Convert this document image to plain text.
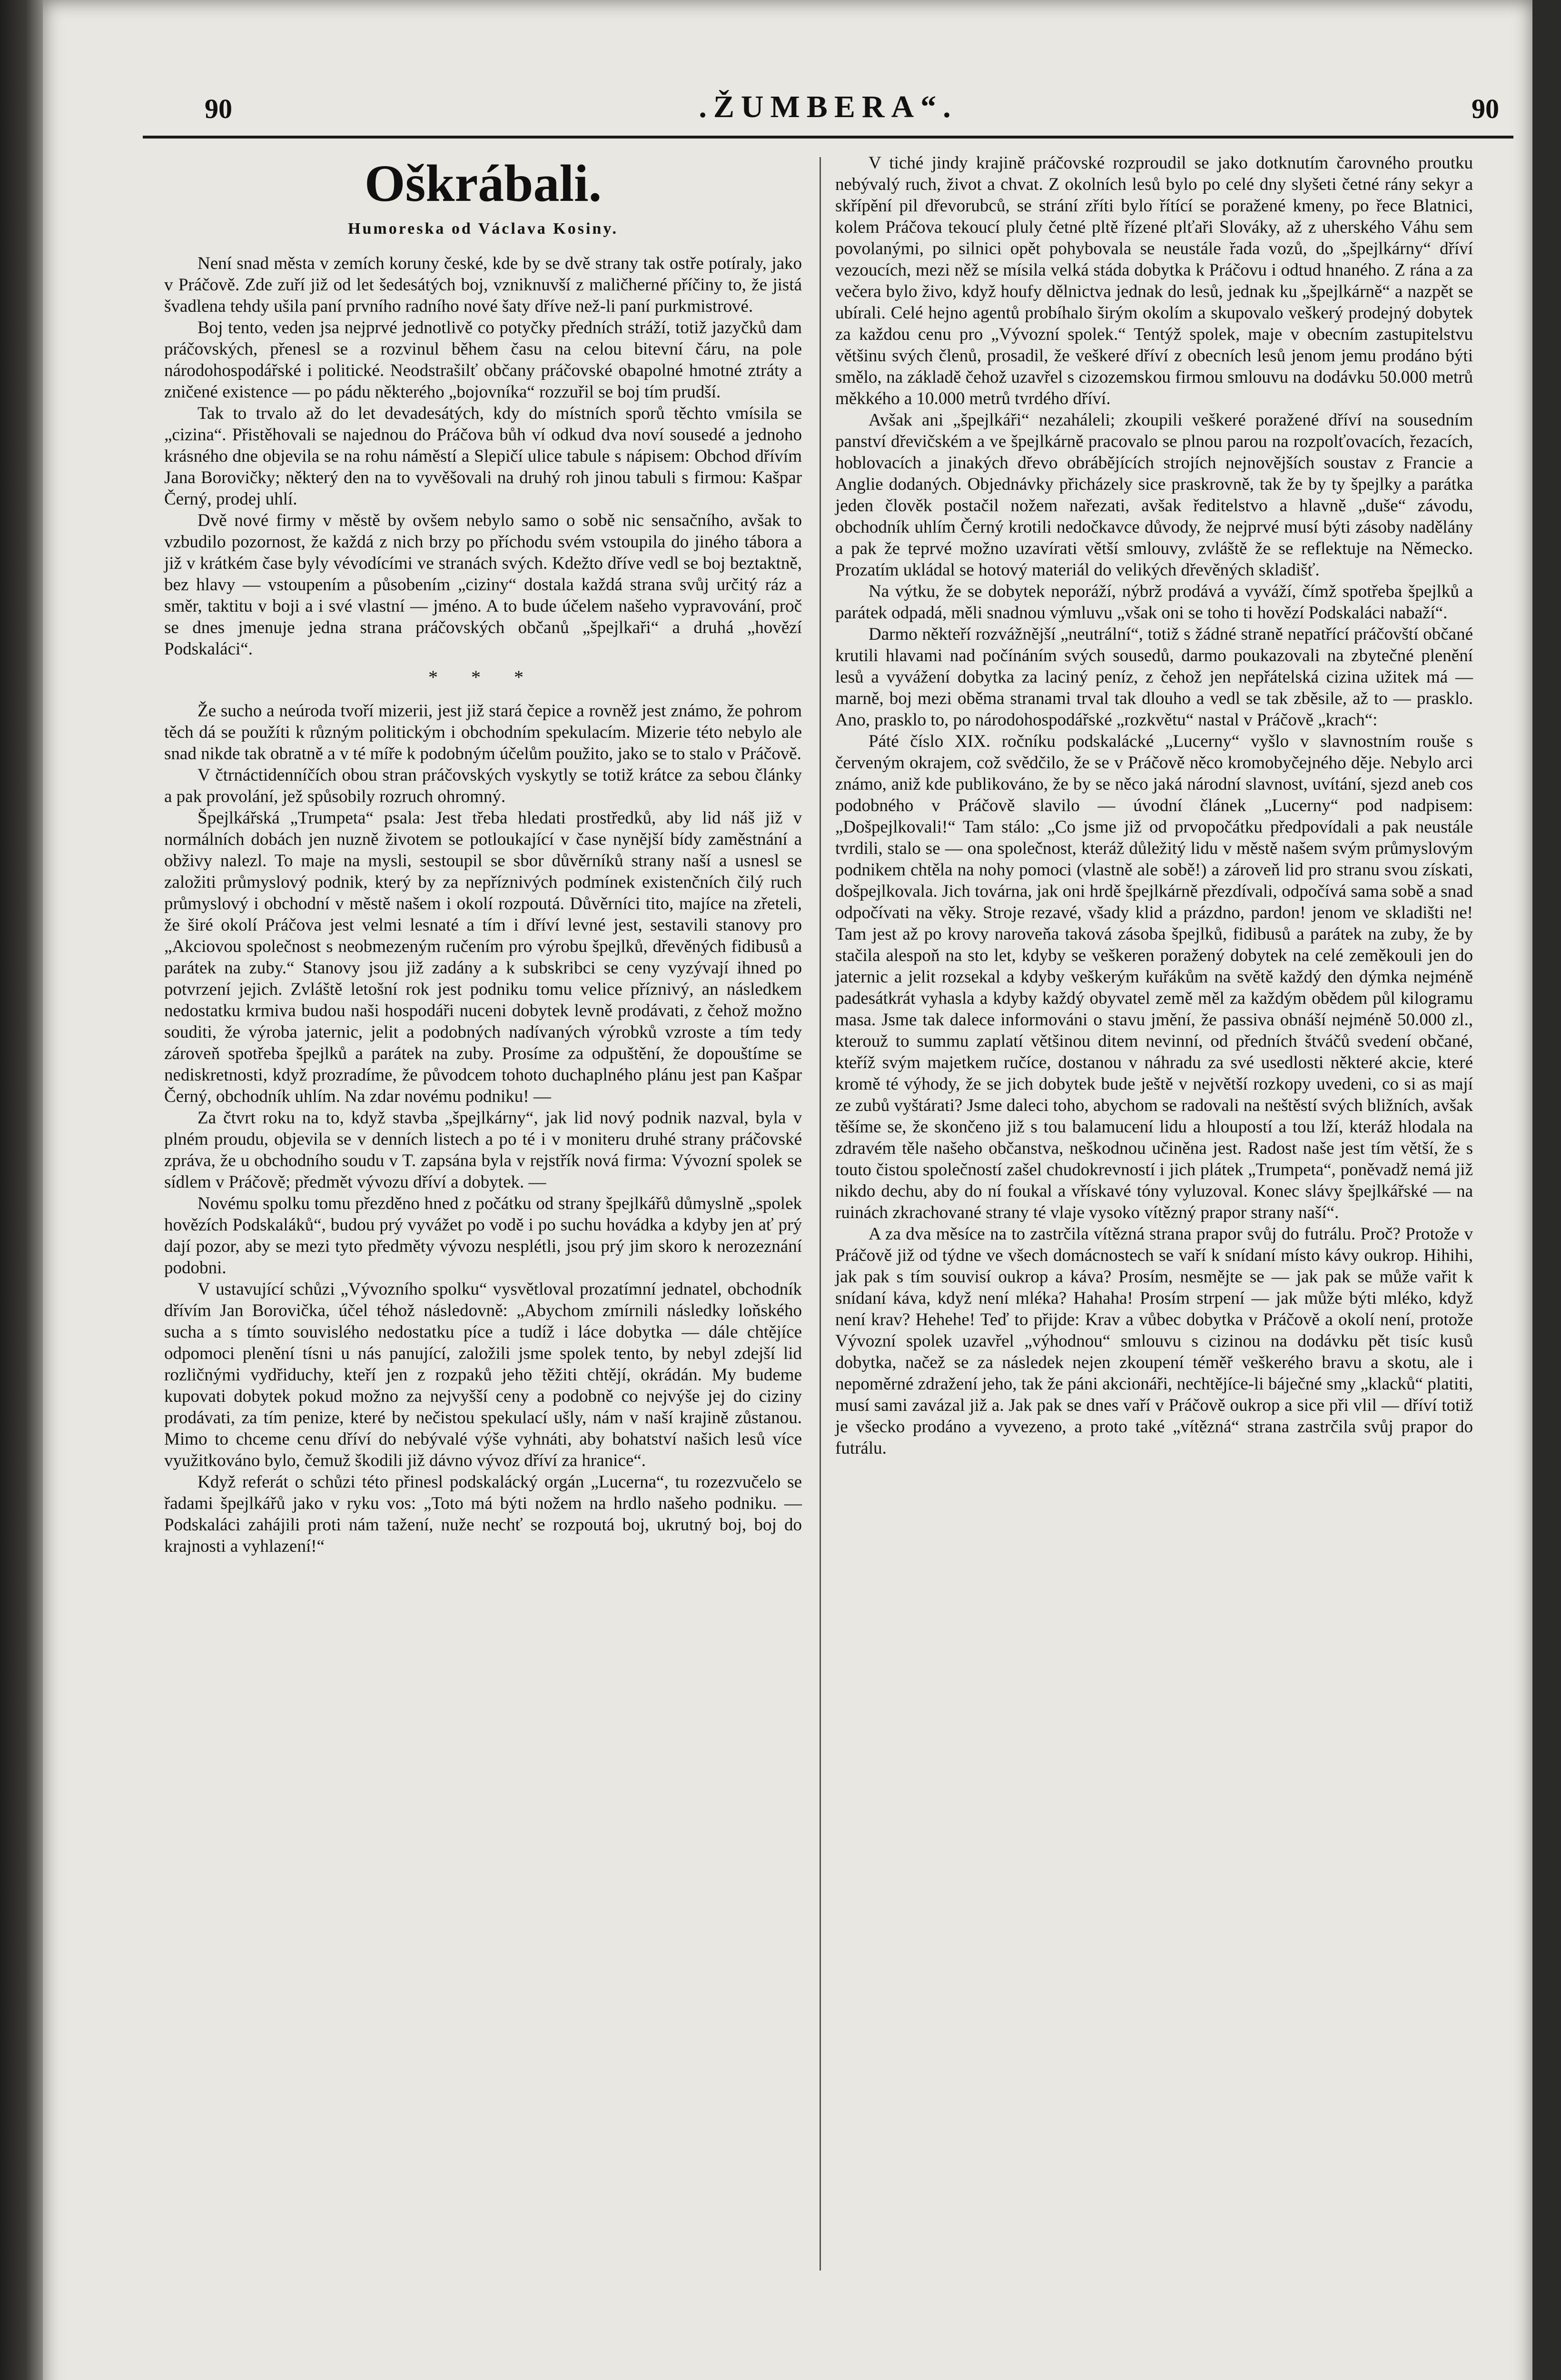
90	.ŽUMBERA“.	90
Oškrábali.
Humoreska od Václava Kosiny.

Není snad města v zemích koruny české, kde by se dvě strany tak ostře potíraly, jako v Práčově. Zde zuří již od let šedesátých boj, vzniknuvší z maličherné příčiny to, že jistá švadlena tehdy ušila paní prvního radního nové šaty dříve než-li paní purkmistrové.

Boj tento, veden jsa nejprvé jednotlivě co potyčky předních stráží, totiž jazyčků dam práčovských, přenesl se a rozvinul během času na celou bitevní čáru, na pole národohospodářské i politické. Neodstrašilť občany práčovské obapolné hmotné ztráty a zničené existence — po pádu některého „bojovníka“ rozzuřil se boj tím prudší.

Tak to trvalo až do let devadesátých, kdy do místních sporů těchto vmísila se „cizina“. Přistěhovali se najednou do Práčova bůh ví odkud dva noví sousedé a jednoho krásného dne objevila se na rohu náměstí a Slepičí ulice tabule s nápisem: Obchod dřívím Jana Borovičky; některý den na to vyvěšovali na druhý roh jinou tabuli s firmou: Kašpar Černý, prodej uhlí.

Dvě nové firmy v městě by ovšem nebylo samo o sobě nic sensačního, avšak to vzbudilo pozornost, že každá z nich brzy po příchodu svém vstoupila do jiného tábora a již v krátkém čase byly vévodícími ve stranách svých. Kdežto dříve vedl se boj beztaktně, bez hlavy — vstoupením a působením „ciziny“ dostala každá strana svůj určitý ráz a směr, taktitu v boji a i své vlastní — jméno. A to bude účelem našeho vypravování, proč se dnes jmenuje jedna strana práčovských občanů „špejlkaři“ a druhá „hovězí Podskaláci“.

* * *

Že sucho a neúroda tvoří mizerii, jest již stará čepice a rovněž jest známo, že pohrom těch dá se použíti k různým politickým i obchodním spekulacím. Mizerie této nebylo ale snad nikde tak obratně a v té míře k podobným účelům použito, jako se to stalo v Práčově.

V čtrnáctidenníčích obou stran práčovských vyskytly se totiž krátce za sebou články a pak provolání, jež spůsobily rozruch ohromný.

Špejlkářská „Trumpeta“ psala: Jest třeba hledati prostředků, aby lid náš již v normálních dobách jen nuzně životem se potloukající v čase nynější bídy zaměstnání a obživy nalezl. To maje na mysli, sestoupil se sbor důvěrníků strany naší a usnesl se založiti průmyslový podnik, který by za nepříznivých podmínek existenčních čilý ruch průmyslový i obchodní v městě našem i okolí rozpoutá. Důvěrníci tito, majíce na zřeteli, že širé okolí Práčova jest velmi lesnaté a tím i dříví levné jest, sestavili stanovy pro „Akciovou společnost s neobmezeným ručením pro výrobu špejlků, dřevěných fidibusů a parátek na zuby.“ Stanovy jsou již zadány a k subskribci se ceny vyzývají ihned po potvrzení jejich. Zvláště letošní rok jest podniku tomu velice příznivý, an následkem nedostatku krmiva budou naši hospodáři nuceni dobytek levně prodávati, z čehož možno souditi, že výroba jaternic, jelit a podobných nadívaných výrobků vzroste a tím tedy zároveň spotřeba špejlků a parátek na zuby. Prosíme za odpuštění, že dopouštíme se nediskretnosti, když prozradíme, že původcem tohoto duchaplného plánu jest pan Kašpar Černý, obchodník uhlím. Na zdar novému podniku! —

Za čtvrt roku na to, když stavba „špejlkárny“, jak lid nový podnik nazval, byla v plném proudu, objevila se v denních listech a po té i v moniteru druhé strany práčovské zpráva, že u obchodního soudu v T. zapsána byla v rejstřík nová firma: Vývozní spolek se sídlem v Práčově; předmět vývozu dříví a dobytek. —

Novému spolku tomu přezděno hned z počátku od strany špejlkářů důmyslně „spolek hovězích Podskaláků“, budou prý vyvážet po vodě i po suchu hovádka a kdyby jen ať prý dají pozor, aby se mezi tyto předměty vývozu nesplétli, jsou prý jim skoro k nerozeznání podobni.

V ustavující schůzi „Vývozního spolku“ vysvětloval prozatímní jednatel, obchodník dřívím Jan Borovička, účel téhož následovně: „Abychom zmírnili následky loňského sucha a s tímto souvislého nedostatku píce a tudíž i láce dobytka — dále chtějíce odpomoci plenění tísni u nás panující, založili jsme spolek tento, by nebyl zdejší lid rozličnými vydřiduchy, kteří jen z rozpaků jeho těžiti chtějí, okrádán. My budeme kupovati dobytek pokud možno za nejvyšší ceny a podobně co nejvýše jej do ciziny prodávati, za tím penize, které by nečistou spekulací ušly, nám v naší krajině zůstanou. Mimo to chceme cenu dříví do nebývalé výše vyhnáti, aby bohatství našich lesů více využitkováno bylo, čemuž škodili již dávno vývoz dříví za hranice“.

Když referát o schůzi této přinesl podskalácký orgán „Lucerna“, tu rozezvučelo se řadami špejlkářů jako v ryku vos: „Toto má býti nožem na hrdlo našeho podniku. — Podskaláci zahájili proti nám tažení, nuže nechť se rozpoutá boj, ukrutný boj, boj do krajnosti a vyhlazení!“

V tiché jindy krajině práčovské rozproudil se jako dotknutím čarovného proutku nebývalý ruch, život a chvat. Z okolních lesů bylo po celé dny slyšeti četné rány sekyr a skřípění pil dřevorubců, se strání zříti bylo řítící se poražené kmeny, po řece Blatnici, kolem Práčova tekoucí pluly četné pltě řízené plťaři Slováky, až z uherského Váhu sem povolanými, po silnici opět pohybovala se neustále řada vozů, do „špejlkárny“ dříví vezoucích, mezi něž se mísila velká stáda dobytka k Práčovu i odtud hnaného. Z rána a za večera bylo živo, když houfy dělnictva jednak do lesů, jednak ku „špejlkárně“ a nazpět se ubírali. Celé hejno agentů probíhalo širým okolím a skupovalo veškerý prodejný dobytek za každou cenu pro „Vývozní spolek.“ Tentýž spolek, maje v obecním zastupitelstvu většinu svých členů, prosadil, že veškeré dříví z obecních lesů jenom jemu prodáno býti smělo, na základě čehož uzavřel s cizozemskou firmou smlouvu na dodávku 50.000 metrů měkkého a 10.000 metrů tvrdého dříví.

Avšak ani „špejlkáři“ nezaháleli; zkoupili veškeré poražené dříví na sousedním panství dřevičském a ve špejlkárně pracovalo se plnou parou na rozpolťovacích, řezacích, hoblovacích a jinakých dřevo obrábějících strojích nejnovějších soustav z Francie a Anglie dodaných. Objednávky přicházely sice praskrovně, tak že by ty špejlky a parátka jeden člověk postačil nožem nařezati, avšak ředitelstvo a hlavně „duše“ závodu, obchodník uhlím Černý krotili nedočkavce důvody, že nejprvé musí býti zásoby nadělány a pak že teprvé možno uzavírati větší smlouvy, zvláště že se reflektuje na Německo. Prozatím ukládal se hotový materiál do velikých dřevěných skladišť.

Na výtku, že se dobytek neporáží, nýbrž prodává a vyváží, čímž spotřeba špejlků a parátek odpadá, měli snadnou výmluvu „však oni se toho ti hovězí Podskaláci nabaží“.

Darmo někteří rozvážnější „neutrální“, totiž s žádné straně nepatřící práčovští občané krutili hlavami nad počínáním svých sousedů, darmo poukazovali na zbytečné plenění lesů a vyvážení dobytka za laciný peníz, z čehož jen nepřátelská cizina užitek má — marně, boj mezi oběma stranami trval tak dlouho a vedl se tak zběsile, až to — prasklo. Ano, prasklo to, po národohospodářské „rozkvětu“ nastal v Práčově „krach“:

Páté číslo XIX. ročníku podskalácké „Lucerny“ vyšlo v slavnostním rouše s červeným okrajem, což svědčilo, že se v Práčově něco kromobyčejného děje. Nebylo arci známo, aniž kde publikováno, že by se něco jaká národní slavnost, uvítání, sjezd aneb cos podobného v Práčově slavilo — úvodní článek „Lucerny“ pod nadpisem: „Došpejlkovali!“ Tam stálo: „Co jsme již od prvopočátku předpovídali a pak neustále tvrdili, stalo se — ona společnost, kteráž důležitý lidu v městě našem svým průmyslovým podnikem chtěla na nohy pomoci (vlastně ale sobě!) a zároveň lid pro stranu svou získati, došpejlkovala. Jich továrna, jak oni hrdě špejlkárně přezdívali, odpočívá sama sobě a snad odpočívati na věky. Stroje rezavé, všady klid a prázdno, pardon! jenom ve skladišti ne! Tam jest až po krovy naroveňa taková zásoba špejlků, fidibusů a parátek na zuby, že by stačila alespoň na sto let, kdyby se veškeren poražený dobytek na celé zeměkouli jen do jaternic a jelit rozsekal a kdyby veškerým kuřákům na světě každý den dýmka nejméně padesátkrát vyhasla a kdyby každý obyvatel země měl za každým obědem půl kilogramu masa. Jsme tak dalece informováni o stavu jmění, že passiva obnáší nejméně 50.000 zl., kterouž to summu zaplatí většinou ditem nevinní, od předních štváčů svedení občané, kteříž svým majetkem ručíce, dostanou v náhradu za své usedlosti některé akcie, které kromě té výhody, že se jich dobytek bude ještě v největší rozkopy uvedeni, co si as mají ze zubů vyštárati? Jsme daleci toho, abychom se radovali na neštěstí svých bližních, avšak těšíme se, že skončeno již s tou balamucení lidu a hloupostí a tou lží, kteráž hlodala na zdravém těle našeho občanstva, neškodnou učiněna jest. Radost naše jest tím větší, že s touto čistou společností zašel chudokrevností i jich plátek „Trumpeta“, poněvadž nemá již nikdo dechu, aby do ní foukal a vřískavé tóny vyluzoval. Konec slávy špejlkářské — na ruinách zkrachované strany té vlaje vysoko vítězný prapor strany naší“.

A za dva měsíce na to zastrčila vítězná strana prapor svůj do futrálu. Proč? Protože v Práčově již od týdne ve všech domácnostech se vaří k snídaní místo kávy oukrop. Hihihi, jak pak s tím souvisí oukrop a káva? Prosím, nesmějte se — jak pak se může vařit k snídaní káva, když není mléka? Hahaha! Prosím strpení — jak může býti mléko, když není krav? Hehehe! Teď to přijde: Krav a vůbec dobytka v Práčově a okolí není, protože Vývozní spolek uzavřel „výhodnou“ smlouvu s cizinou na dodávku pět tisíc kusů dobytka, načež se za následek nejen zkoupení téměř veškerého bravu a skotu, ale i nepoměrné zdražení jeho, tak že páni akcionáři, nechtějíce-li báječné smy „klacků“ platiti, musí sami zavázal již a. Jak pak se dnes vaří v Práčově oukrop a sice při vlil — dříví totiž je všecko prodáno a vyvezeno, a proto také „vítězná“ strana zastrčila svůj prapor do futrálu.
